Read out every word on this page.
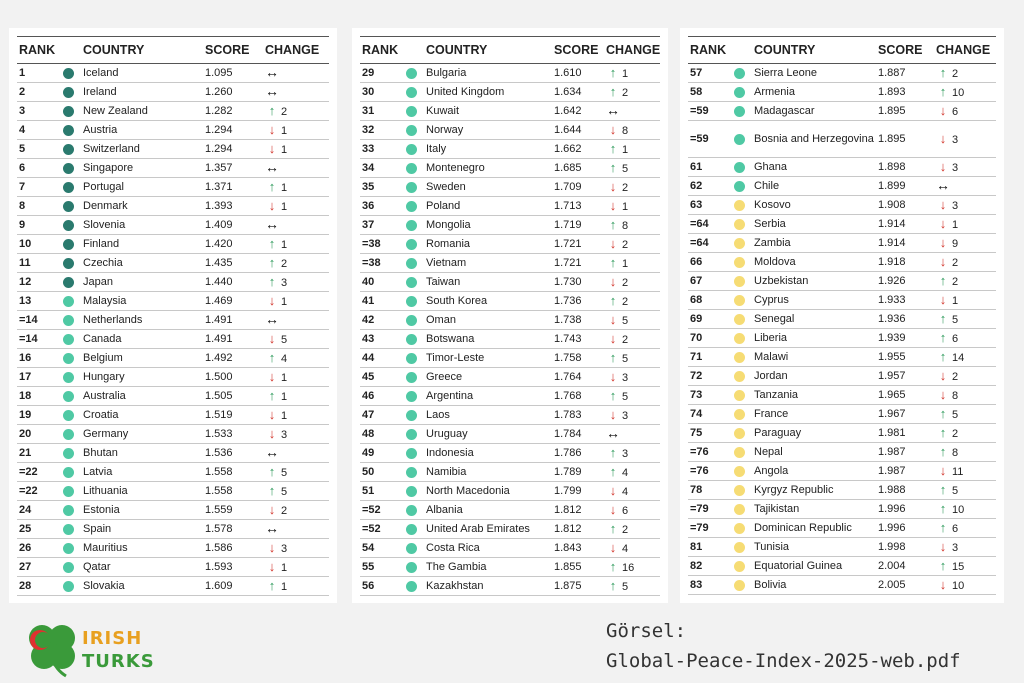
RANK		COUNTRY	SCORE	CHANGE
1		Iceland	1.095	↔
2		Ireland	1.260	↔
3		New Zealand	1.282	↑ 2
4		Austria	1.294	↓ 1
5		Switzerland	1.294	↓ 1
6		Singapore	1.357	↔
7		Portugal	1.371	↑ 1
8		Denmark	1.393	↓ 1
9		Slovenia	1.409	↔
10		Finland	1.420	↑ 1
11		Czechia	1.435	↑ 2
12		Japan	1.440	↑ 3
13		Malaysia	1.469	↓ 1
=14		Netherlands	1.491	↔
=14		Canada	1.491	↓ 5
16		Belgium	1.492	↑ 4
17		Hungary	1.500	↓ 1
18		Australia	1.505	↑ 1
19		Croatia	1.519	↓ 1
20		Germany	1.533	↓ 3
21		Bhutan	1.536	↔
=22		Latvia	1.558	↑ 5
=22		Lithuania	1.558	↑ 5
24		Estonia	1.559	↓ 2
25		Spain	1.578	↔
26		Mauritius	1.586	↓ 3
27		Qatar	1.593	↓ 1
28		Slovakia	1.609	↑ 1
RANK		COUNTRY	SCORE	CHANGE
29		Bulgaria	1.610	↑ 1
30		United Kingdom	1.634	↑ 2
31		Kuwait	1.642	↔
32		Norway	1.644	↓ 8
33		Italy	1.662	↑ 1
34		Montenegro	1.685	↑ 5
35		Sweden	1.709	↓ 2
36		Poland	1.713	↓ 1
37		Mongolia	1.719	↑ 8
=38		Romania	1.721	↓ 2
=38		Vietnam	1.721	↑ 1
40		Taiwan	1.730	↓ 2
41		South Korea	1.736	↑ 2
42		Oman	1.738	↓ 5
43		Botswana	1.743	↓ 2
44		Timor-Leste	1.758	↑ 5
45		Greece	1.764	↓ 3
46		Argentina	1.768	↑ 5
47		Laos	1.783	↓ 3
48		Uruguay	1.784	↔
49		Indonesia	1.786	↑ 3
50		Namibia	1.789	↑ 4
51		North Macedonia	1.799	↓ 4
=52		Albania	1.812	↓ 6
=52		United Arab Emirates	1.812	↑ 2
54		Costa Rica	1.843	↓ 4
55		The Gambia	1.855	↑ 16
56		Kazakhstan	1.875	↑ 5
RANK		COUNTRY	SCORE	CHANGE
57		Sierra Leone	1.887	↑ 2
58		Armenia	1.893	↑ 10
=59		Madagascar	1.895	↓ 6
=59		Bosnia and Herzegovina	1.895	↓ 3
61		Ghana	1.898	↓ 3
62		Chile	1.899	↔
63		Kosovo	1.908	↓ 3
=64		Serbia	1.914	↓ 1
=64		Zambia	1.914	↓ 9
66		Moldova	1.918	↓ 2
67		Uzbekistan	1.926	↑ 2
68		Cyprus	1.933	↓ 1
69		Senegal	1.936	↑ 5
70		Liberia	1.939	↑ 6
71		Malawi	1.955	↑ 14
72		Jordan	1.957	↓ 2
73		Tanzania	1.965	↓ 8
74		France	1.967	↑ 5
75		Paraguay	1.981	↑ 2
=76		Nepal	1.987	↑ 8
=76		Angola	1.987	↓ 11
78		Kyrgyz Republic	1.988	↑ 5
=79		Tajikistan	1.996	↑ 10
=79		Dominican Republic	1.996	↑ 6
81		Tunisia	1.998	↓ 3
82		Equatorial Guinea	2.004	↑ 15
83		Bolivia	2.005	↓ 10
IRISH
TURKS
Görsel:
Global-Peace-Index-2025-web.pdf
